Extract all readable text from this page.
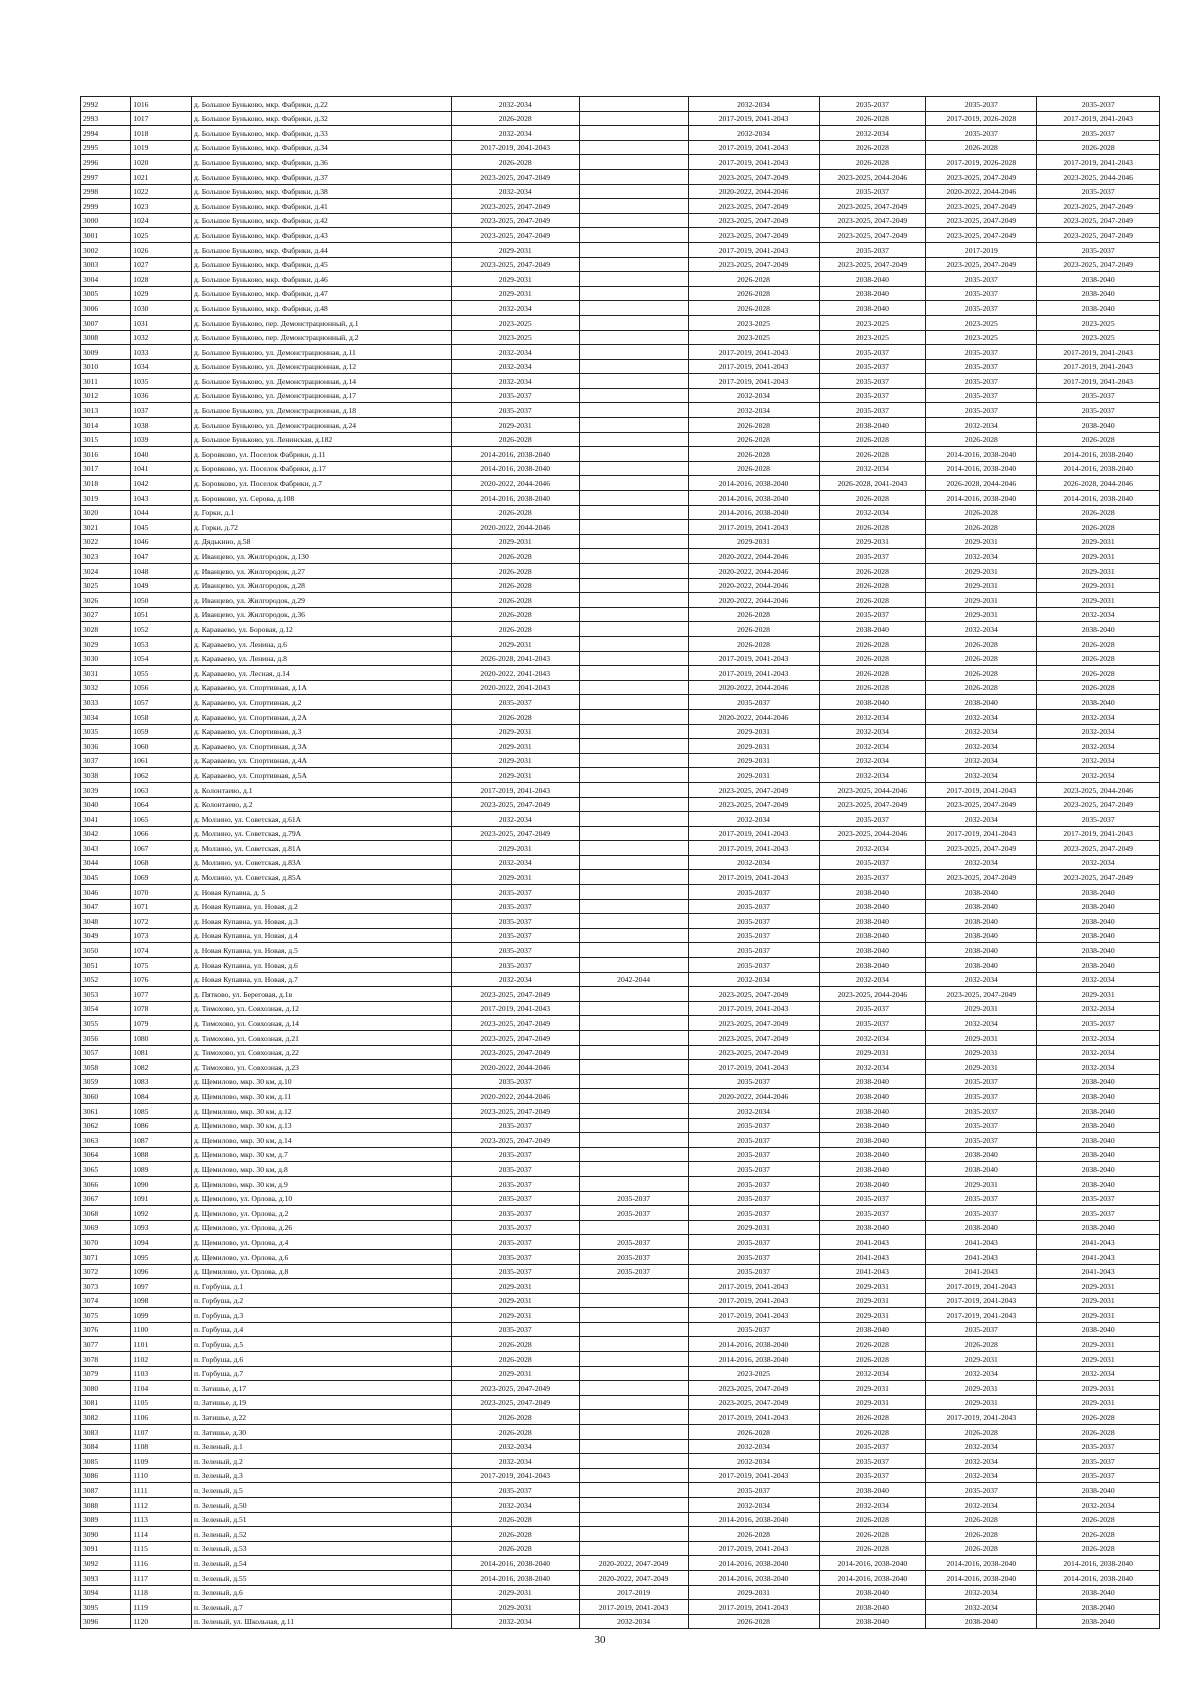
2992	1016	д. Большое Буньково, мкр. Фабрики, д.22	2032-2034		2032-2034	2035-2037	2035-2037	2035-2037
2993	1017	д. Большое Буньково, мкр. Фабрики, д.32	2026-2028		2017-2019, 2041-2043	2026-2028	2017-2019, 2026-2028	2017-2019, 2041-2043
2994	1018	д. Большое Буньково, мкр. Фабрики, д.33	2032-2034		2032-2034	2032-2034	2035-2037	2035-2037
2995	1019	д. Большое Буньково, мкр. Фабрики, д.34	2017-2019, 2041-2043		2017-2019, 2041-2043	2026-2028	2026-2028	2026-2028
2996	1020	д. Большое Буньково, мкр. Фабрики, д.36	2026-2028		2017-2019, 2041-2043	2026-2028	2017-2019, 2026-2028	2017-2019, 2041-2043
2997	1021	д. Большое Буньково, мкр. Фабрики, д.37	2023-2025, 2047-2049		2023-2025, 2047-2049	2023-2025, 2044-2046	2023-2025, 2047-2049	2023-2025, 2044-2046
2998	1022	д. Большое Буньково, мкр. Фабрики, д.38	2032-2034		2020-2022, 2044-2046	2035-2037	2020-2022, 2044-2046	2035-2037
2999	1023	д. Большое Буньково, мкр. Фабрики, д.41	2023-2025, 2047-2049		2023-2025, 2047-2049	2023-2025, 2047-2049	2023-2025, 2047-2049	2023-2025, 2047-2049
3000	1024	д. Большое Буньково, мкр. Фабрики, д.42	2023-2025, 2047-2049		2023-2025, 2047-2049	2023-2025, 2047-2049	2023-2025, 2047-2049	2023-2025, 2047-2049
3001	1025	д. Большое Буньково, мкр. Фабрики, д.43	2023-2025, 2047-2049		2023-2025, 2047-2049	2023-2025, 2047-2049	2023-2025, 2047-2049	2023-2025, 2047-2049
3002	1026	д. Большое Буньково, мкр. Фабрики, д.44	2029-2031		2017-2019, 2041-2043	2035-2037	2017-2019	2035-2037
3003	1027	д. Большое Буньково, мкр. Фабрики, д.45	2023-2025, 2047-2049		2023-2025, 2047-2049	2023-2025, 2047-2049	2023-2025, 2047-2049	2023-2025, 2047-2049
3004	1028	д. Большое Буньково, мкр. Фабрики, д.46	2029-2031		2026-2028	2038-2040	2035-2037	2038-2040
3005	1029	д. Большое Буньково, мкр. Фабрики, д.47	2029-2031		2026-2028	2038-2040	2035-2037	2038-2040
3006	1030	д. Большое Буньково, мкр. Фабрики, д.48	2032-2034		2026-2028	2038-2040	2035-2037	2038-2040
3007	1031	д. Большое Буньково, пер. Демонстрационный, д.1	2023-2025		2023-2025	2023-2025	2023-2025	2023-2025
3008	1032	д. Большое Буньково, пер. Демонстрационный, д.2	2023-2025		2023-2025	2023-2025	2023-2025	2023-2025
3009	1033	д. Большое Буньково, ул. Демонстрационная, д.11	2032-2034		2017-2019, 2041-2043	2035-2037	2035-2037	2017-2019, 2041-2043
3010	1034	д. Большое Буньково, ул. Демонстрационная, д.12	2032-2034		2017-2019, 2041-2043	2035-2037	2035-2037	2017-2019, 2041-2043
3011	1035	д. Большое Буньково, ул. Демонстрационная, д.14	2032-2034		2017-2019, 2041-2043	2035-2037	2035-2037	2017-2019, 2041-2043
3012	1036	д. Большое Буньково, ул. Демонстрационная, д.17	2035-2037		2032-2034	2035-2037	2035-2037	2035-2037
3013	1037	д. Большое Буньково, ул. Демонстрационная, д.18	2035-2037		2032-2034	2035-2037	2035-2037	2035-2037
3014	1038	д. Большое Буньково, ул. Демонстрационная, д.24	2029-2031		2026-2028	2038-2040	2032-2034	2038-2040
3015	1039	д. Большое Буньково, ул. Ленинская, д.182	2026-2028		2026-2028	2026-2028	2026-2028	2026-2028
3016	1040	д. Боровково, ул. Поселок Фабрики, д.11	2014-2016, 2038-2040		2026-2028	2026-2028	2014-2016, 2038-2040	2014-2016, 2038-2040
3017	1041	д. Боровково, ул. Поселок Фабрики, д.17	2014-2016, 2038-2040		2026-2028	2032-2034	2014-2016, 2038-2040	2014-2016, 2038-2040
3018	1042	д. Боровково, ул. Поселок Фабрики, д.7	2020-2022, 2044-2046		2014-2016, 2038-2040	2026-2028, 2041-2043	2026-2028, 2044-2046	2026-2028, 2044-2046
3019	1043	д. Боровково, ул. Серова, д.108	2014-2016, 2038-2040		2014-2016, 2038-2040	2026-2028	2014-2016, 2038-2040	2014-2016, 2038-2040
3020	1044	д. Горки, д.1	2026-2028		2014-2016, 2038-2040	2032-2034	2026-2028	2026-2028
3021	1045	д. Горки, д.72	2020-2022, 2044-2046		2017-2019, 2041-2043	2026-2028	2026-2028	2026-2028
3022	1046	д. Дядькино, д.58	2029-2031		2029-2031	2029-2031	2029-2031	2029-2031
3023	1047	д. Иванцево, ул. Жилгородок, д.130	2026-2028		2020-2022, 2044-2046	2035-2037	2032-2034	2029-2031
3024	1048	д. Иванцево, ул. Жилгородок, д.27	2026-2028		2020-2022, 2044-2046	2026-2028	2029-2031	2029-2031
3025	1049	д. Иванцево, ул. Жилгородок, д.28	2026-2028		2020-2022, 2044-2046	2026-2028	2029-2031	2029-2031
3026	1050	д. Иванцево, ул. Жилгородок, д.29	2026-2028		2020-2022, 2044-2046	2026-2028	2029-2031	2029-2031
3027	1051	д. Иванцево, ул. Жилгородок, д.36	2026-2028		2026-2028	2035-2037	2029-2031	2032-2034
3028	1052	д. Караваево, ул. Боровая, д.12	2026-2028		2026-2028	2038-2040	2032-2034	2038-2040
3029	1053	д. Караваево, ул. Ленина, д.6	2029-2031		2026-2028	2026-2028	2026-2028	2026-2028
3030	1054	д. Караваево, ул. Ленина, д.8	2026-2028, 2041-2043		2017-2019, 2041-2043	2026-2028	2026-2028	2026-2028
3031	1055	д. Караваево, ул. Лесная, д.14	2020-2022, 2041-2043		2017-2019, 2041-2043	2026-2028	2026-2028	2026-2028
3032	1056	д. Караваево, ул. Спортивная, д.1А	2020-2022, 2041-2043		2020-2022, 2044-2046	2026-2028	2026-2028	2026-2028
3033	1057	д. Караваево, ул. Спортивная, д.2	2035-2037		2035-2037	2038-2040	2038-2040	2038-2040
3034	1058	д. Караваево, ул. Спортивная, д.2А	2026-2028		2020-2022, 2044-2046	2032-2034	2032-2034	2032-2034
3035	1059	д. Караваево, ул. Спортивная, д.3	2029-2031		2029-2031	2032-2034	2032-2034	2032-2034
3036	1060	д. Караваево, ул. Спортивная, д.3А	2029-2031		2029-2031	2032-2034	2032-2034	2032-2034
3037	1061	д. Караваево, ул. Спортивная, д.4А	2029-2031		2029-2031	2032-2034	2032-2034	2032-2034
3038	1062	д. Караваево, ул. Спортивная, д.5А	2029-2031		2029-2031	2032-2034	2032-2034	2032-2034
3039	1063	д. Колонтаево, д.1	2017-2019, 2041-2043		2023-2025, 2047-2049	2023-2025, 2044-2046	2017-2019, 2041-2043	2023-2025, 2044-2046
3040	1064	д. Колонтаево, д.2	2023-2025, 2047-2049		2023-2025, 2047-2049	2023-2025, 2047-2049	2023-2025, 2047-2049	2023-2025, 2047-2049
3041	1065	д. Молзино, ул. Советская, д.61А	2032-2034		2032-2034	2035-2037	2032-2034	2035-2037
3042	1066	д. Молзино, ул. Советская, д.79А	2023-2025, 2047-2049		2017-2019, 2041-2043	2023-2025, 2044-2046	2017-2019, 2041-2043	2017-2019, 2041-2043
3043	1067	д. Молзино, ул. Советская, д.81А	2029-2031		2017-2019, 2041-2043	2032-2034	2023-2025, 2047-2049	2023-2025, 2047-2049
3044	1068	д. Молзино, ул. Советская, д.83А	2032-2034		2032-2034	2035-2037	2032-2034	2032-2034
3045	1069	д. Молзино, ул. Советская, д.85А	2029-2031		2017-2019, 2041-2043	2035-2037	2023-2025, 2047-2049	2023-2025, 2047-2049
3046	1070	д. Новая Купавна, д. 5	2035-2037		2035-2037	2038-2040	2038-2040	2038-2040
3047	1071	д. Новая Купавна, ул. Новая, д.2	2035-2037		2035-2037	2038-2040	2038-2040	2038-2040
3048	1072	д. Новая Купавна, ул. Новая, д.3	2035-2037		2035-2037	2038-2040	2038-2040	2038-2040
3049	1073	д. Новая Купавна, ул. Новая, д.4	2035-2037		2035-2037	2038-2040	2038-2040	2038-2040
3050	1074	д. Новая Купавна, ул. Новая, д.5	2035-2037		2035-2037	2038-2040	2038-2040	2038-2040
3051	1075	д. Новая Купавна, ул. Новая, д.6	2035-2037		2035-2037	2038-2040	2038-2040	2038-2040
3052	1076	д. Новая Купавна, ул. Новая, д.7	2032-2034	2042-2044	2032-2034	2032-2034	2032-2034	2032-2034
3053	1077	д. Пятково, ул. Береговая, д.1в	2023-2025, 2047-2049		2023-2025, 2047-2049	2023-2025, 2044-2046	2023-2025, 2047-2049	2029-2031
3054	1078	д. Тимохово, ул. Совхозная, д.12	2017-2019, 2041-2043		2017-2019, 2041-2043	2035-2037	2029-2031	2032-2034
3055	1079	д. Тимохово, ул. Совхозная, д.14	2023-2025, 2047-2049		2023-2025, 2047-2049	2035-2037	2032-2034	2035-2037
3056	1080	д. Тимохово, ул. Совхозная, д.21	2023-2025, 2047-2049		2023-2025, 2047-2049	2032-2034	2029-2031	2032-2034
3057	1081	д. Тимохово, ул. Совхозная, д.22	2023-2025, 2047-2049		2023-2025, 2047-2049	2029-2031	2029-2031	2032-2034
3058	1082	д. Тимохово, ул. Совхозная, д.23	2020-2022, 2044-2046		2017-2019, 2041-2043	2032-2034	2029-2031	2032-2034
3059	1083	д. Щемилово, мкр. 30 км, д.10	2035-2037		2035-2037	2038-2040	2035-2037	2038-2040
3060	1084	д. Щемилово, мкр. 30 км, д.11	2020-2022, 2044-2046		2020-2022, 2044-2046	2038-2040	2035-2037	2038-2040
3061	1085	д. Щемилово, мкр. 30 км, д.12	2023-2025, 2047-2049		2032-2034	2038-2040	2035-2037	2038-2040
3062	1086	д. Щемилово, мкр. 30 км, д.13	2035-2037		2035-2037	2038-2040	2035-2037	2038-2040
3063	1087	д. Щемилово, мкр. 30 км, д.14	2023-2025, 2047-2049		2035-2037	2038-2040	2035-2037	2038-2040
3064	1088	д. Щемилово, мкр. 30 км, д.7	2035-2037		2035-2037	2038-2040	2038-2040	2038-2040
3065	1089	д. Щемилово, мкр. 30 км, д.8	2035-2037		2035-2037	2038-2040	2038-2040	2038-2040
3066	1090	д. Щемилово, мкр. 30 км, д.9	2035-2037		2035-2037	2038-2040	2029-2031	2038-2040
3067	1091	д. Щемилово, ул. Орлова, д.10	2035-2037	2035-2037	2035-2037	2035-2037	2035-2037	2035-2037
3068	1092	д. Щемилово, ул. Орлова, д.2	2035-2037	2035-2037	2035-2037	2035-2037	2035-2037	2035-2037
3069	1093	д. Щемилово, ул. Орлова, д.26	2035-2037		2029-2031	2038-2040	2038-2040	2038-2040
3070	1094	д. Щемилово, ул. Орлова, д.4	2035-2037	2035-2037	2035-2037	2041-2043	2041-2043	2041-2043
3071	1095	д. Щемилово, ул. Орлова, д.6	2035-2037	2035-2037	2035-2037	2041-2043	2041-2043	2041-2043
3072	1096	д. Щемилово, ул. Орлова, д.8	2035-2037	2035-2037	2035-2037	2041-2043	2041-2043	2041-2043
3073	1097	п. Горбуша, д.1	2029-2031		2017-2019, 2041-2043	2029-2031	2017-2019, 2041-2043	2029-2031
3074	1098	п. Горбуша, д.2	2029-2031		2017-2019, 2041-2043	2029-2031	2017-2019, 2041-2043	2029-2031
3075	1099	п. Горбуша, д.3	2029-2031		2017-2019, 2041-2043	2029-2031	2017-2019, 2041-2043	2029-2031
3076	1100	п. Горбуша, д.4	2035-2037		2035-2037	2038-2040	2035-2037	2038-2040
3077	1101	п. Горбуша, д.5	2026-2028		2014-2016, 2038-2040	2026-2028	2026-2028	2029-2031
3078	1102	п. Горбуша, д.6	2026-2028		2014-2016, 2038-2040	2026-2028	2029-2031	2029-2031
3079	1103	п. Горбуша, д.7	2029-2031		2023-2025	2032-2034	2032-2034	2032-2034
3080	1104	п. Затишье, д.17	2023-2025, 2047-2049		2023-2025, 2047-2049	2029-2031	2029-2031	2029-2031
3081	1105	п. Затишье, д.19	2023-2025, 2047-2049		2023-2025, 2047-2049	2029-2031	2029-2031	2029-2031
3082	1106	п. Затишье, д.22	2026-2028		2017-2019, 2041-2043	2026-2028	2017-2019, 2041-2043	2026-2028
3083	1107	п. Затишье, д.30	2026-2028		2026-2028	2026-2028	2026-2028	2026-2028
3084	1108	п. Зеленый, д.1	2032-2034		2032-2034	2035-2037	2032-2034	2035-2037
3085	1109	п. Зеленый, д.2	2032-2034		2032-2034	2035-2037	2032-2034	2035-2037
3086	1110	п. Зеленый, д.3	2017-2019, 2041-2043		2017-2019, 2041-2043	2035-2037	2032-2034	2035-2037
3087	1111	п. Зеленый, д.5	2035-2037		2035-2037	2038-2040	2035-2037	2038-2040
3088	1112	п. Зеленый, д.50	2032-2034		2032-2034	2032-2034	2032-2034	2032-2034
3089	1113	п. Зеленый, д.51	2026-2028		2014-2016, 2038-2040	2026-2028	2026-2028	2026-2028
3090	1114	п. Зеленый, д.52	2026-2028		2026-2028	2026-2028	2026-2028	2026-2028
3091	1115	п. Зеленый, д.53	2026-2028		2017-2019, 2041-2043	2026-2028	2026-2028	2026-2028
3092	1116	п. Зеленый, д.54	2014-2016, 2038-2040	2020-2022, 2047-2049	2014-2016, 2038-2040	2014-2016, 2038-2040	2014-2016, 2038-2040	2014-2016, 2038-2040
3093	1117	п. Зеленый, д.55	2014-2016, 2038-2040	2020-2022, 2047-2049	2014-2016, 2038-2040	2014-2016, 2038-2040	2014-2016, 2038-2040	2014-2016, 2038-2040
3094	1118	п. Зеленый, д.6	2029-2031	2017-2019	2029-2031	2038-2040	2032-2034	2038-2040
3095	1119	п. Зеленый, д.7	2029-2031	2017-2019, 2041-2043	2017-2019, 2041-2043	2038-2040	2032-2034	2038-2040
3096	1120	п. Зеленый, ул. Школьная, д.11	2032-2034	2032-2034	2026-2028	2038-2040	2038-2040	2038-2040
30
